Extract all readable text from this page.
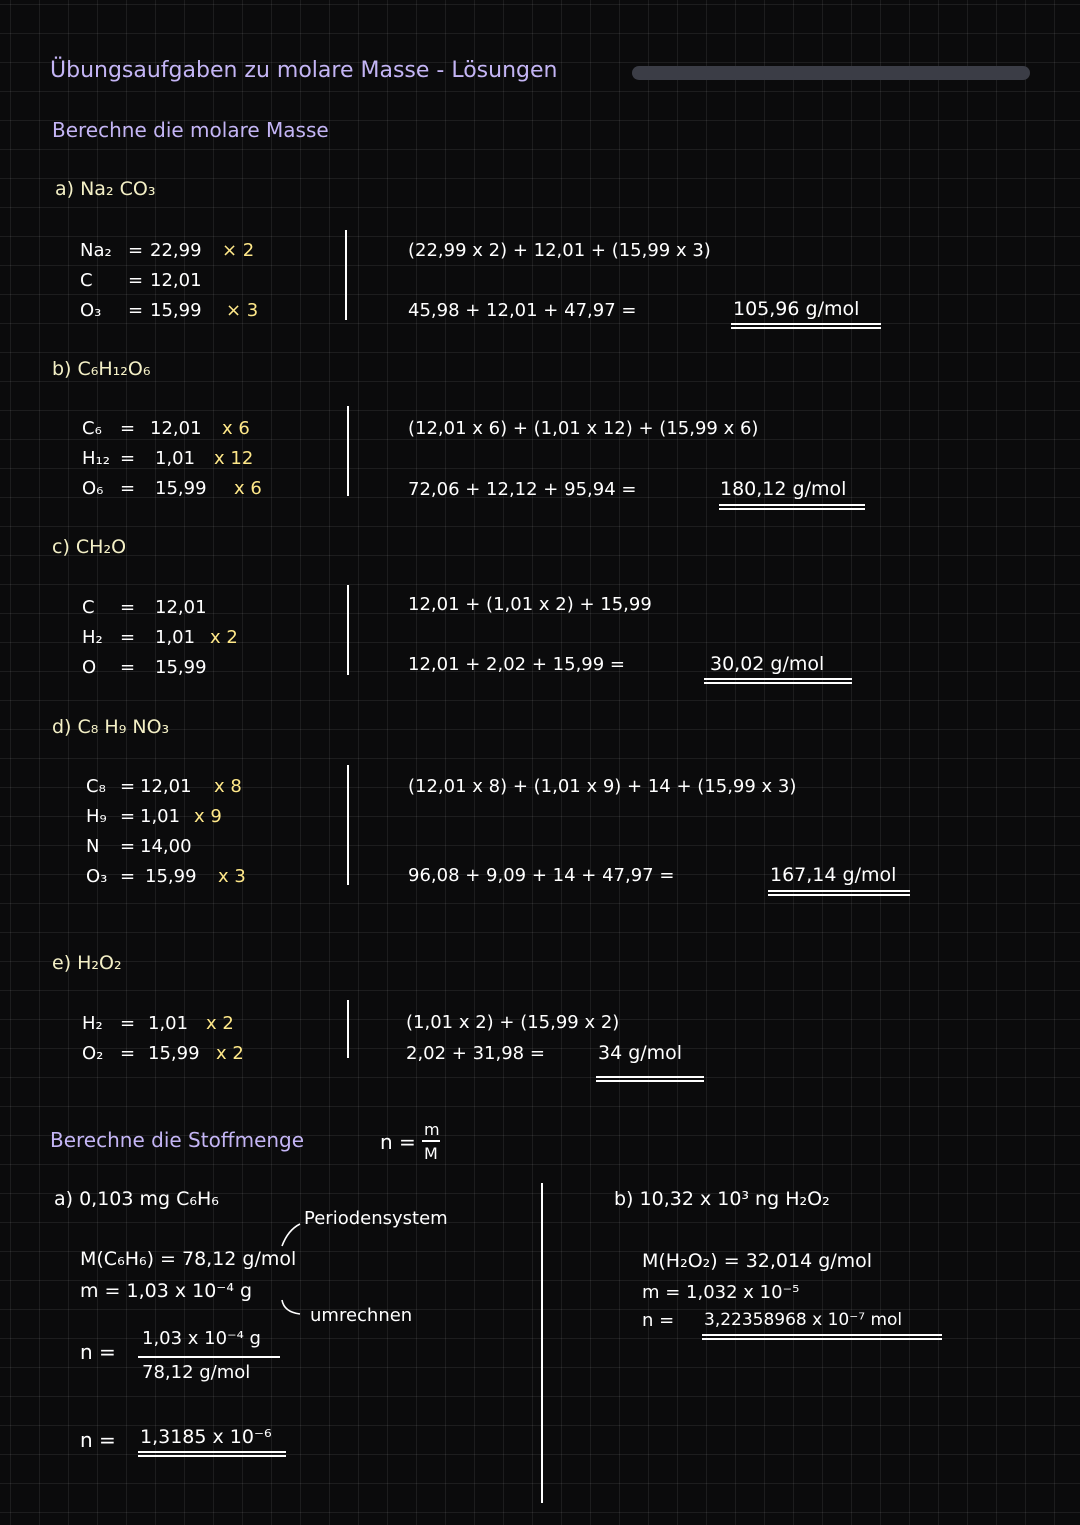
Übungsaufgaben zu molare Masse - Lösungen
Berechne die molare Masse
a) Na₂ CO₃
Na₂ = 22,99 × 2
C = 12,01
O₃ = 15,99 × 3
(22,99 x 2) + 12,01 + (15,99 x 3)
45,98 + 12,01 + 47,97 =	105,96 g/mol
b) C₆H₁₂O₆
C₆ = 12,01 x 6
H₁₂ = 1,01 x 12
O₆ = 15,99 x 6
(12,01 x 6) + (1,01 x 12) + (15,99 x 6)
72,06 + 12,12 + 95,94 =	180,12 g/mol
c) CH₂O
C = 12,01
H₂ = 1,01 x 2
O = 15,99
12,01 + (1,01 x 2) + 15,99
12,01 + 2,02 + 15,99 =	30,02 g/mol
d) C₈ H₉ NO₃
C₈ = 12,01 x 8
H₉ = 1,01 x 9
N = 14,00
O₃ = 15,99 x 3
(12,01 x 8) + (1,01 x 9) + 14 + (15,99 x 3)
96,08 + 9,09 + 14 + 47,97 =	167,14 g/mol
e) H₂O₂
H₂ = 1,01 x 2
O₂ = 15,99 x 2
(1,01 x 2) + (15,99 x 2)
2,02 + 31,98 =	34 g/mol
Berechne die Stoffmenge	n =
m
M
a) 0,103 mg C₆H₆
Periodensystem
M(C₆H₆) = 78,12 g/mol
m = 1,03 x 10⁻⁴ g
umrechnen
n =
1,03 x 10⁻⁴ g
78,12 g/mol
n = 1,3185 x 10⁻⁶
b) 10,32 x 10³ ng H₂O₂
M(H₂O₂) = 32,014 g/mol
m = 1,032 x 10⁻⁵
n = 3,22358968 x 10⁻⁷ mol
